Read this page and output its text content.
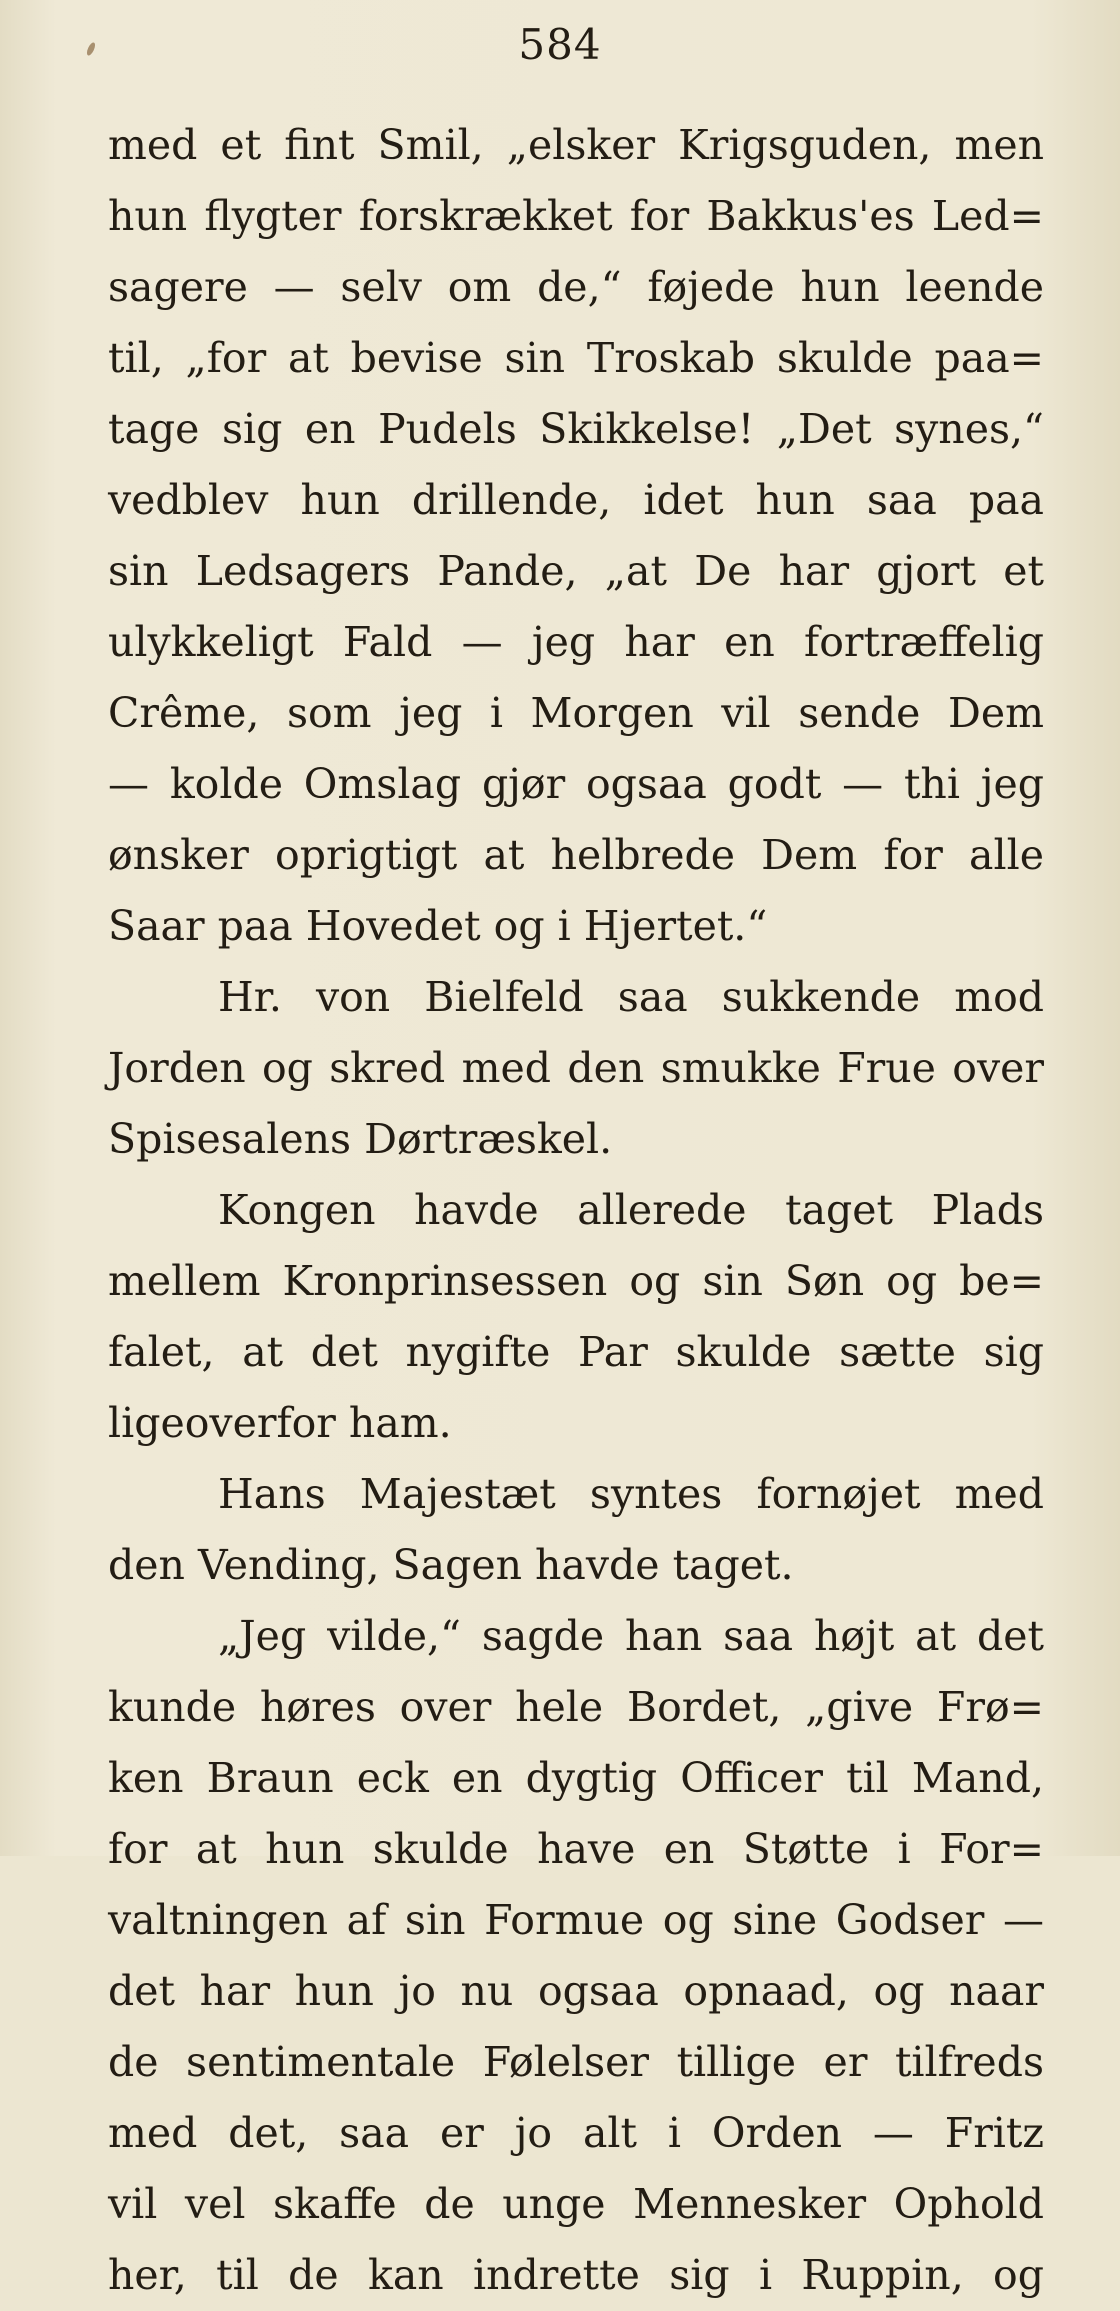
584
med et fint Smil, „elsker Krigsguden, men
hun flygter forskrækket for Bakkus'es Led=
sagere — selv om de,“ føjede hun leende
til, „for at bevise sin Troskab skulde paa=
tage sig en Pudels Skikkelse! „Det synes,“
vedblev hun drillende, idet hun saa paa
sin Ledsagers Pande, „at De har gjort et
ulykkeligt Fald — jeg har en fortræffelig
Crême, som jeg i Morgen vil sende Dem
— kolde Omslag gjør ogsaa godt — thi jeg
ønsker oprigtigt at helbrede Dem for alle
Saar paa Hovedet og i Hjertet.“
Hr. von Bielfeld saa sukkende mod
Jorden og skred med den smukke Frue over
Spisesalens Dørtræskel.
Kongen havde allerede taget Plads
mellem Kronprinsessen og sin Søn og be=
falet, at det nygifte Par skulde sætte sig
ligeoverfor ham.
Hans Majestæt syntes fornøjet med
den Vending, Sagen havde taget.
„Jeg vilde,“ sagde han saa højt at det
kunde høres over hele Bordet, „give Frø=
ken Braun eck en dygtig Officer til Mand,
for at hun skulde have en Støtte i For=
valtningen af sin Formue og sine Godser —
det har hun jo nu ogsaa opnaad, og naar
de sentimentale Følelser tillige er tilfreds
med det, saa er jo alt i Orden — Fritz
vil vel skaffe de unge Mennesker Ophold
her, til de kan indrette sig i Ruppin, og
